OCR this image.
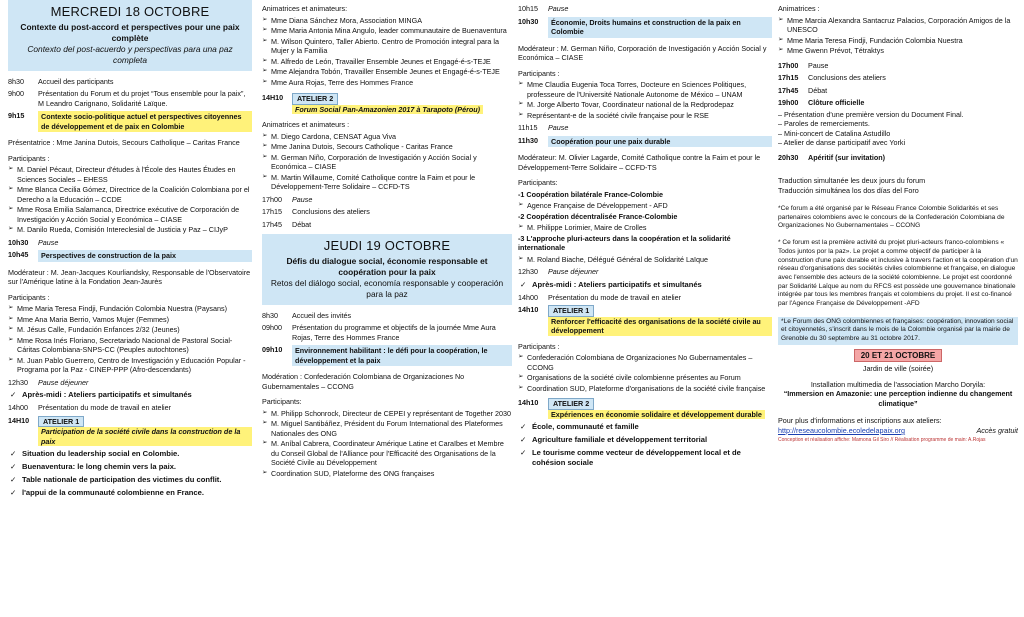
MERCREDI 18 OCTOBRE
Contexte du post-accord et perspectives pour une paix complète
Contexto del post-acuerdo y perspectivas para una paz completa
8h30	Accueil des participants
9h00	Présentation du Forum et du projet “Tous ensemble pour la paix”, M Leandro Carignano, Solidarité Laïque.
9h15	Contexte socio-politique actuel et perspectives citoyennes de développement et de paix en Colombie
Présentatrice : Mme Janina Dutois, Secours Catholique – Caritas France
Participants :
➢ M. Daniel Pécaut, Directeur d'études à l'École des Hautes Études en Sciences Sociales – EHESS
➢ Mme Blanca Cecilia Gómez, Directrice de la Coalición Colombiana por el Derecho a la Educación – CCDE
➢ Mme Rosa Emilia Salamanca, Directrice exécutive de Corporación de Investigación y Acción Social y Económica – CIASE
➢ M. Danilo Rueda, Comisión Intereclesial de Justicia y Paz – CIJyP
10h30	Pause
10h45	Perspectives de construction de la paix
Modérateur : M. Jean-Jacques Kourliandsky, Responsable de l'Observatoire sur l'Amérique latine à la Fondation Jean-Jaurès
Participants :
➢ Mme Maria Teresa Findji, Fundación Colombia Nuestra (Paysans)
➢ Mme Ana Maria Berrio, Vamos Mujer (Femmes)
➢ M. Jésus Calle, Fundación Enfances 2/32 (Jeunes)
➢ Mme Rosa Inés Floriano, Secretariado Nacional de Pastoral Social-Cáritas Colombiana-SNPS-CC (Peuples autochtones)
➢ M. Juan Pablo Guerrero, Centro de Investigación y Educación Popular - Programa por la Paz - CINEP-PPP (Afro-descendants)
12h30	Pause déjeuner
✓ Après-midi : Ateliers participatifs et simultanés
14h00	Présentation du mode de travail en atelier
14H10	ATELIER 1 Participation de la société civile dans la construction de la paix
✓ Situation du leadership social en Colombie.
✓ Buenaventura: le long chemin vers la paix.
✓ Table nationale de participation des victimes du conflit.
✓ l'appui de la communauté colombienne en France.
Animatrices et animateurs:
➢ Mme Diana Sánchez Mora, Association MINGA
➢ Mme Maria Antonia Mina Angulo, leader communautaire de Buenaventura
➢ M. Wilson Quintero, Taller Abierto. Centro de Promoción integral para la Mujer y la Familia
➢ M. Alfredo de León, Travailler Ensemble Jeunes et Engagé-é-s-TEJE
➢ Mme Alejandra Tobón, Travailler Ensemble Jeunes et Engagé-é-s-TEJE
➢ Mme Aura Rojas, Terre des Hommes France
14H10	ATELIER 2 Forum Social Pan-Amazonien 2017 à Tarapoto (Pérou)
Animatrices et animateurs :
➢ M. Diego Cardona, CENSAT Agua Viva
➢ Mme Janina Dutois, Secours Catholique - Caritas France
➢ M. German Niño, Corporación de Investigación y Acción Social y Económica – CIASE
➢ M. Martin Willaume, Comité Catholique contre la Faim et pour le Développement-Terre Solidaire – CCFD-TS
17h00	Pause
17h15	Conclusions des ateliers
17h45	Débat
JEUDI 19 OCTOBRE
Défis du dialogue social, économie responsable et coopération pour la paix
Retos del diálogo social, economía responsable y cooperación para la paz
8h30	Accueil des invités
09h00	Présentation du programme et objectifs de la journée Mme Aura Rojas, Terre des Hommes France
09h10	Environnement habilitant : le défi pour la coopération, le développement et la paix
Modération : Confederación Colombiana de Organizaciones No Gubernamentales – CCONG
Participants:
➢ M. Philipp Schonrock, Directeur de CEPEI y représentant de Together 2030
➢ M. Miguel Santibáñez, Président du Forum International des Plateformes Nationales des ONG
➢ M. Aníbal Cabrera, Coordinateur Amérique Latine et Caraïbes et Membre du Conseil Global de l'Alliance pour l'Efficacité des Organisations de la Société Civile au Développement
➢ Coordination SUD, Plateforme des ONG françaises
10h15	Pause
10h30	Économie, Droits humains et construction de la paix en Colombie
Modérateur : M. German Niño, Corporación de Investigación y Acción Social y Económica – CIASE
Participants :
➢ Mme Claudia Eugenia Toca Torres, Docteure en Sciences Politiques, professeure de l'Université Nationale Autonome de México – UNAM
➢ M. Jorge Alberto Tovar, Coordinateur national de la Redprodepaz
➢ Représentant-e de la société civile française pour le RSE
11h15	Pause
11h30	Coopération pour une paix durable
Modérateur: M. Olivier Lagarde, Comité Catholique contre la Faim et pour le Développement-Terre Solidaire – CCFD-TS
Participants:
-1 Coopération bilatérale France-Colombie
➢ Agence Française de Développement - AFD
-2 Coopération décentralisée France-Colombie
➢ M. Philippe Lorimier, Maire de Crolles
-3 L'approche pluri-acteurs dans la coopération et la solidarité internationale
➢ M. Roland Biache, Délégué Général de Solidarité Laïque
12h30	Pause déjeuner
✓ Après-midi : Ateliers participatifs et simultanés
14h00	Présentation du mode de travail en atelier
14h10	ATELIER 1 Renforcer l'efficacité des organisations de la société civile au développement
Participants :
➢ Confederación Colombiana de Organizaciones No Gubernamentales – CCONG
➢ Organisations de la société civile colombienne présentes au Forum
➢ Coordination SUD, Plateforme d'organisations de la société civile française
14h10	ATELIER 2 Expériences en économie solidaire et développement durable
✓ École, communauté et famille
✓ Agriculture familiale et développement territorial
✓ Le tourisme comme vecteur de développement local et de cohésion sociale
Animatrices :
➢ Mme Marcia Alexandra Santacruz Palacios, Corporación Amigos de la UNESCO
➢ Mme Maria Teresa Findji, Fundación Colombia Nuestra
➢ Mme Gwenn Prévot, Tétraktys
17h00	Pause
17h15	Conclusions des ateliers
17h45	Débat
19h00	Clôture officielle
– Présentation d'une première version du Document Final.
– Paroles de remerciements.
– Mini-concert de Catalina Astudillo
– Atelier de danse participatif avec Yorki
20h30	Apéritif (sur invitation)
Traduction simultanée les deux jours du forum
Traducción simultánea los dos días del Foro
*Ce forum a été organisé par le Réseau France Colombie Solidarités et ses partenaires colombiens avec le concours de la Confederación Colombiana de Organizaciones No Gubernamentales – CCONG
* Ce forum est la première activité du projet pluri-acteurs franco-colombiens « Todos juntos por la paz». Le projet a comme objectif de participer à la construction d'une paix durable et inclusive à travers l'action et la coopération d'un réseau d'organisations des sociétés civiles colombienne et française, en dialogue avec l'ensemble des acteurs de la société colombienne. Le projet est coordonné par Solidarité Laïque au nom du RFCS est possède une gouvernance binationale intégrée par tous les membres français et colombiens du projet. Il est co-financé par l'Agence Française de Développement -AFD
*Le Forum des ONG colombiennes et françaises: coopération, innovation social et citoyennetés, s'inscrit dans le mois de la Colombie organisé par la mairie de Grenoble du 30 septembre au 31 octobre 2017.
20 ET 21 OCTOBRE
Jardin de ville (soirée)
Installation multimedia de l'association Marcho Doryila:
“Immersion en Amazonie: une perception indienne du changement climatique”
Pour plus d'informations et inscriptions aux ateliers:
http://reseaucolombie.ecoledelapaix.org	Accès gratuit
Conception et réalisation affiche: Mamona Gil Siro // Réalisation programme de main: A.Rojas
